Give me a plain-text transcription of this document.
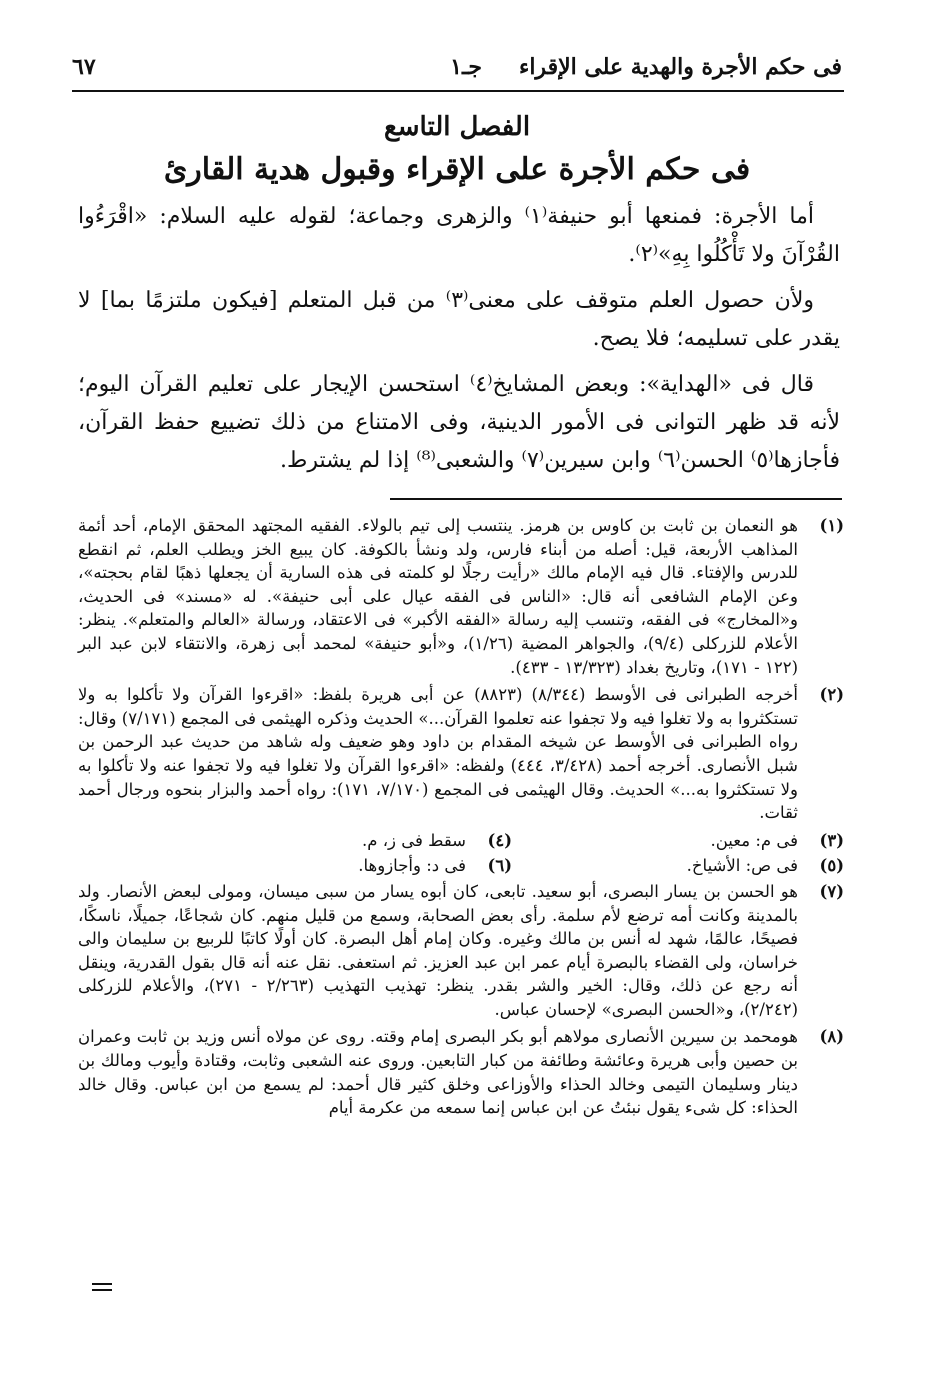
فى حكم الأجرة والهدية على الإقراء
جـ١
٦٧
الفصل التاسع
فى حكم الأجرة على الإقراء وقبول هدية القارئ

أما الأجرة: فمنعها أبو حنيفة⁽١⁾ والزهرى وجماعة؛ لقوله عليه السلام: «اقْرَءُوا القُرْآنَ ولا تَأْكُلُوا بِهِ»⁽٢⁾.

ولأن حصول العلم متوقف على معنى⁽٣⁾ من قبل المتعلم [فيكون ملتزمًا بما] لا يقدر على تسليمه؛ فلا يصح.

قال فى «الهداية»: وبعض المشايخ⁽٤⁾ استحسن الإيجار على تعليم القرآن اليوم؛ لأنه قد ظهر التوانى فى الأمور الدينية، وفى الامتناع من ذلك تضييع حفظ القرآن، فأجازها⁽٥⁾ الحسن⁽٦⁾ وابن سيرين⁽٧⁾ والشعبى⁽⁸⁾ إذا لم يشترط.

(١)
هو النعمان بن ثابت بن كاوس بن هرمز. ينتسب إلى تيم بالولاء. الفقيه المجتهد المحقق الإمام، أحد أئمة المذاهب الأربعة، قيل: أصله من أبناء فارس، ولد ونشأ بالكوفة. كان يبيع الخز ويطلب العلم، ثم انقطع للدرس والإفتاء. قال فيه الإمام مالك «رأيت رجلًا لو كلمته فى هذه السارية أن يجعلها ذهبًا لقام بحجته»، وعن الإمام الشافعى أنه قال: «الناس فى الفقه عيال على أبى حنيفة». له «مسند» فى الحديث، و«المخارج» فى الفقه، وتنسب إليه رسالة «الفقه الأكبر» فى الاعتقاد، ورسالة «العالم والمتعلم». ينظر: الأعلام للزركلى (٩/٤)، والجواهر المضية (١/٢٦)، و«أبو حنيفة» لمحمد أبى زهرة، والانتقاء لابن عبد البر (١٢٢ - ١٧١)، وتاريخ بغداد (١٣/٣٢٣ - ٤٣٣).
(٢)
أخرجه الطبرانى فى الأوسط (٨/٣٤٤) (٨٨٢٣) عن أبى هريرة بلفظ: «اقرءوا القرآن ولا تأكلوا به ولا تستكثروا به ولا تغلوا فيه ولا تجفوا عنه تعلموا القرآن...» الحديث وذكره الهيثمى فى المجمع (٧/١٧١) وقال: رواه الطبرانى فى الأوسط عن شيخه المقدام بن داود وهو ضعيف وله شاهد من حديث عبد الرحمن بن شبل الأنصارى. أخرجه أحمد (٣/٤٢٨، ٤٤٤) ولفظه: «اقرءوا القرآن ولا تغلوا فيه ولا تجفوا عنه ولا تأكلوا به ولا تستكثروا به...» الحديث. وقال الهيثمى فى المجمع (٧/١٧٠، ١٧١): رواه أحمد والبزار بنحوه ورجال أحمد ثقات.
(٣)
فى م: معين.
(٤)
سقط فى ز، م.
(٥)
فى ص: الأشياخ.
(٦)
فى د: وأجازوها.
(٧)
هو الحسن بن يسار البصرى، أبو سعيد. تابعى، كان أبوه يسار من سبى ميسان، ومولى لبعض الأنصار. ولد بالمدينة وكانت أمه ترضع لأم سلمة. رأى بعض الصحابة، وسمع من قليل منهم. كان شجاعًا، جميلًا، ناسكًا، فصيحًا، عالمًا، شهد له أنس بن مالك وغيره. وكان إمام أهل البصرة. كان أولًا كاتبًا للربيع بن سليمان والى خراسان، ولى القضاء بالبصرة أيام عمر ابن عبد العزيز. ثم استعفى. نقل عنه أنه قال بقول القدرية، وينقل أنه رجع عن ذلك، وقال: الخير والشر بقدر. ينظر: تهذيب التهذيب (٢/٢٦٣ - ٢٧١)، والأعلام للزركلى (٢/٢٤٢)، و«الحسن البصرى» لإحسان عباس.
(٨)
هومحمد بن سيرين الأنصارى مولاهم أبو بكر البصرى إمام وقته. روى عن مولاه أنس وزيد بن ثابت وعمران بن حصين وأبى هريرة وعائشة وطائفة من كبار التابعين. وروى عنه الشعبى وثابت، وقتادة وأيوب ومالك بن دينار وسليمان التيمى وخالد الحذاء والأوزاعى وخلق كثير قال أحمد: لم يسمع من ابن عباس. وقال خالد الحذاء: كل شىء يقول نبئتُ عن ابن عباس إنما سمعه من عكرمة أيام
